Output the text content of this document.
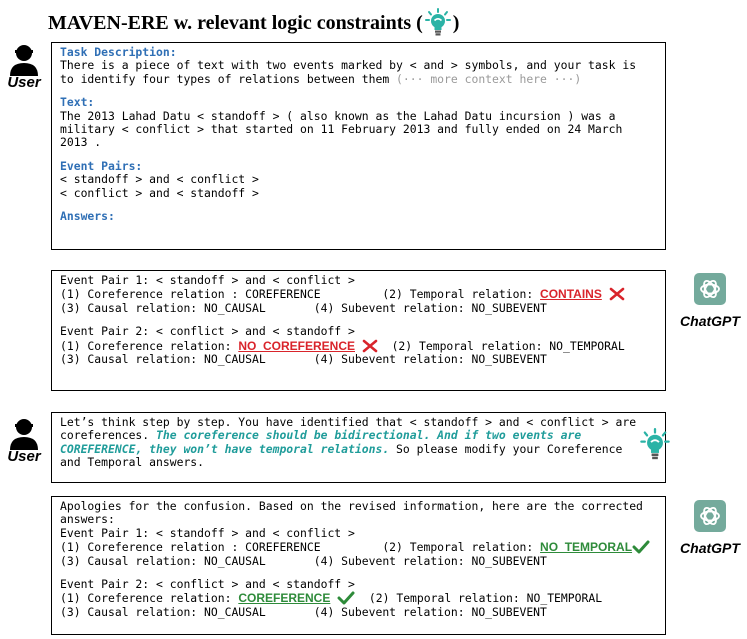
MAVEN-ERE w. relevant logic constraints ( )
User
Task Description:
There is a piece of text with two events marked by < and > symbols, and your task is
to identify four types of relations between them (··· more context here ···)

Text:
The 2013 Lahad Datu < standoff > ( also known as the Lahad Datu incursion ) was a
military < conflict > that started on 11 February 2013 and fully ended on 24 March
2013 .

Event Pairs:
< standoff > and < conflict >
< conflict > and < standoff >

Answers:
Event Pair 1: < standoff > and < conflict >
(1) Coreference relation : COREFERENCE         (2) Temporal relation: CONTAINS
(3) Causal relation: NO_CAUSAL       (4) Subevent relation: NO_SUBEVENT

Event Pair 2: < conflict > and < standoff >
(1) Coreference relation: NO_COREFERENCE   (2) Temporal relation: NO_TEMPORAL
(3) Causal relation: NO_CAUSAL       (4) Subevent relation: NO_SUBEVENT
ChatGPT
User
Let’s think step by step. You have identified that < standoff > and < conflict > are
coreferences. The coreference should be bidirectional. And if two events are
COREFERENCE, they won’t have temporal relations. So please modify your Coreference
and Temporal answers.
Apologies for the confusion. Based on the revised information, here are the corrected
answers:
Event Pair 1: < standoff > and < conflict >
(1) Coreference relation : COREFERENCE         (2) Temporal relation: NO_TEMPORAL
(3) Causal relation: NO_CAUSAL       (4) Subevent relation: NO_SUBEVENT

Event Pair 2: < conflict > and < standoff >
(1) Coreference relation: COREFERENCE   (2) Temporal relation: NO_TEMPORAL
(3) Causal relation: NO_CAUSAL       (4) Subevent relation: NO_SUBEVENT
ChatGPT
